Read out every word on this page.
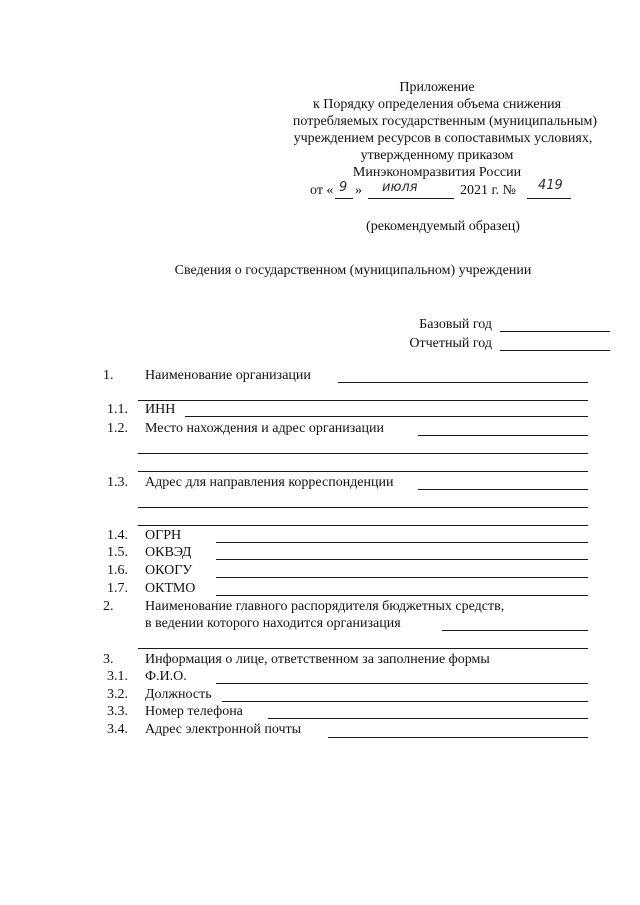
Приложение
к Порядку определения объема снижения
потребляемых государственным (муниципальным)
учреждением ресурсов в сопоставимых условиях,
утвержденному приказом
Минэкономразвития России
от « 9 » июля	2021 г. № 419
(рекомендуемый образец)
Сведения о государственном (муниципальном) учреждении
Базовый год
Отчетный год
1. Наименование организации
1.1. ИНН
1.2. Место нахождения и адрес организации
1.3. Адрес для направления корреспонденции
1.4. ОГРН
1.5. ОКВЭД
1.6. ОКОГУ
1.7. ОКТМО
2. Наименование главного распорядителя бюджетных средств,
в ведении которого находится организация
3. Информация о лице, ответственном за заполнение формы
3.1. Ф.И.О.
3.2. Должность
3.3. Номер телефона
3.4. Адрес электронной почты
